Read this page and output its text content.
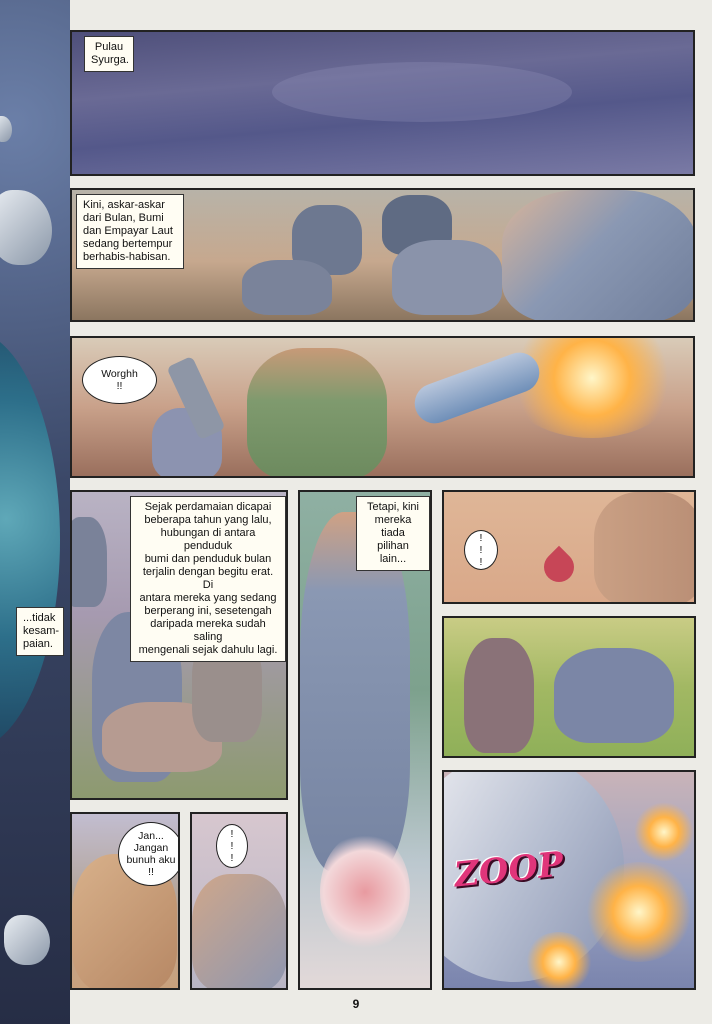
Pulau
Syurga.
Kini, askar-askar
dari Bulan, Bumi
dan Empayar Laut
sedang bertempur
berhabis-habisan.
Worghh
!!
Sejak perdamaian dicapai
beberapa tahun yang lalu,
hubungan di antara penduduk
bumi dan penduduk bulan
terjalin dengan begitu erat. Di
antara mereka yang sedang
berperang ini, sesetengah
daripada mereka sudah saling
mengenali sejak dahulu lagi.
Tetapi, kini
mereka tiada
pilihan lain...
!
!
!
ZOOP
Jan...
Jangan
bunuh aku
!!
!
!
!
...tidak
kesam-
paian.
9
